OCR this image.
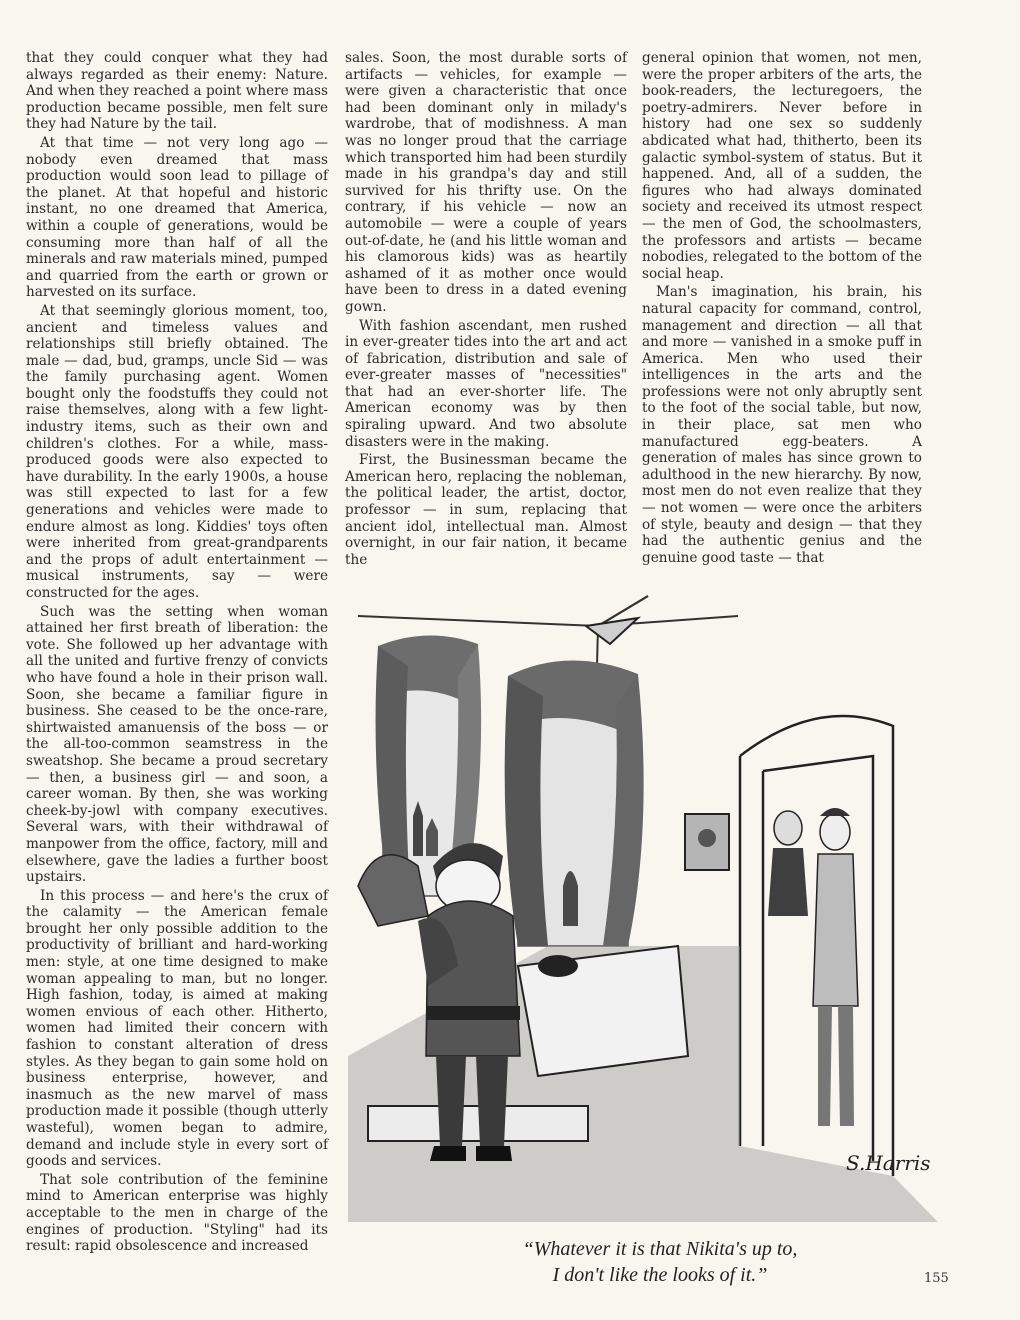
that they could conquer what they had always regarded as their enemy: Nature. And when they reached a point where mass production became possible, men felt sure they had Nature by the tail.

At that time — not very long ago — nobody even dreamed that mass production would soon lead to pillage of the planet. At that hopeful and historic instant, no one dreamed that America, within a couple of generations, would be consuming more than half of all the minerals and raw materials mined, pumped and quarried from the earth or grown or harvested on its surface.

At that seemingly glorious moment, too, ancient and timeless values and relationships still briefly obtained. The male — dad, bud, gramps, uncle Sid — was the family purchasing agent. Women bought only the foodstuffs they could not raise themselves, along with a few light-industry items, such as their own and children's clothes. For a while, mass-produced goods were also expected to have durability. In the early 1900s, a house was still expected to last for a few generations and vehicles were made to endure almost as long. Kiddies' toys often were inherited from great-grandparents and the props of adult entertainment — musical instruments, say — were constructed for the ages.

Such was the setting when woman attained her first breath of liberation: the vote. She followed up her advantage with all the united and furtive frenzy of convicts who have found a hole in their prison wall. Soon, she became a familiar figure in business. She ceased to be the once-rare, shirtwaisted amanuensis of the boss — or the all-too-common seamstress in the sweatshop. She became a proud secretary — then, a business girl — and soon, a career woman. By then, she was working cheek-by-jowl with company executives. Several wars, with their withdrawal of manpower from the office, factory, mill and elsewhere, gave the ladies a further boost upstairs.

In this process — and here's the crux of the calamity — the American female brought her only possible addition to the productivity of brilliant and hard-working men: style, at one time designed to make woman appealing to man, but no longer. High fashion, today, is aimed at making women envious of each other. Hitherto, women had limited their concern with fashion to constant alteration of dress styles. As they began to gain some hold on business enterprise, however, and inasmuch as the new marvel of mass production made it possible (though utterly wasteful), women began to admire, demand and include style in every sort of goods and services.

That sole contribution of the feminine mind to American enterprise was highly acceptable to the men in charge of the engines of production. "Styling" had its result: rapid obsolescence and increased

sales. Soon, the most durable sorts of artifacts — vehicles, for example — were given a characteristic that once had been dominant only in milady's wardrobe, that of modishness. A man was no longer proud that the carriage which transported him had been sturdily made in his grandpa's day and still survived for his thrifty use. On the contrary, if his vehicle — now an automobile — were a couple of years out-of-date, he (and his little woman and his clamorous kids) was as heartily ashamed of it as mother once would have been to dress in a dated evening gown.

With fashion ascendant, men rushed in ever-greater tides into the art and act of fabrication, distribution and sale of ever-greater masses of "necessities" that had an ever-shorter life. The American economy was by then spiraling upward. And two absolute disasters were in the making.

First, the Businessman became the American hero, replacing the nobleman, the political leader, the artist, doctor, professor — in sum, replacing that ancient idol, intellectual man. Almost overnight, in our fair nation, it became the

general opinion that women, not men, were the proper arbiters of the arts, the book-readers, the lecturegoers, the poetry-admirers. Never before in history had one sex so suddenly abdicated what had, thitherto, been its galactic symbol-system of status. But it happened. And, all of a sudden, the figures who had always dominated society and received its utmost respect — the men of God, the schoolmasters, the professors and artists — became nobodies, relegated to the bottom of the social heap.

Man's imagination, his brain, his natural capacity for command, control, management and direction — all that and more — vanished in a smoke puff in America. Men who used their intelligences in the arts and the professions were not only abruptly sent to the foot of the social table, but now, in their place, sat men who manufactured egg-beaters. A generation of males has since grown to adulthood in the new hierarchy. By now, most men do not even realize that they — not women — were once the arbiters of style, beauty and design — that they had the authentic genius and the genuine good taste — that

S.Harris
“Whatever it is that Nikita's up to,
I don't like the looks of it.”	155
